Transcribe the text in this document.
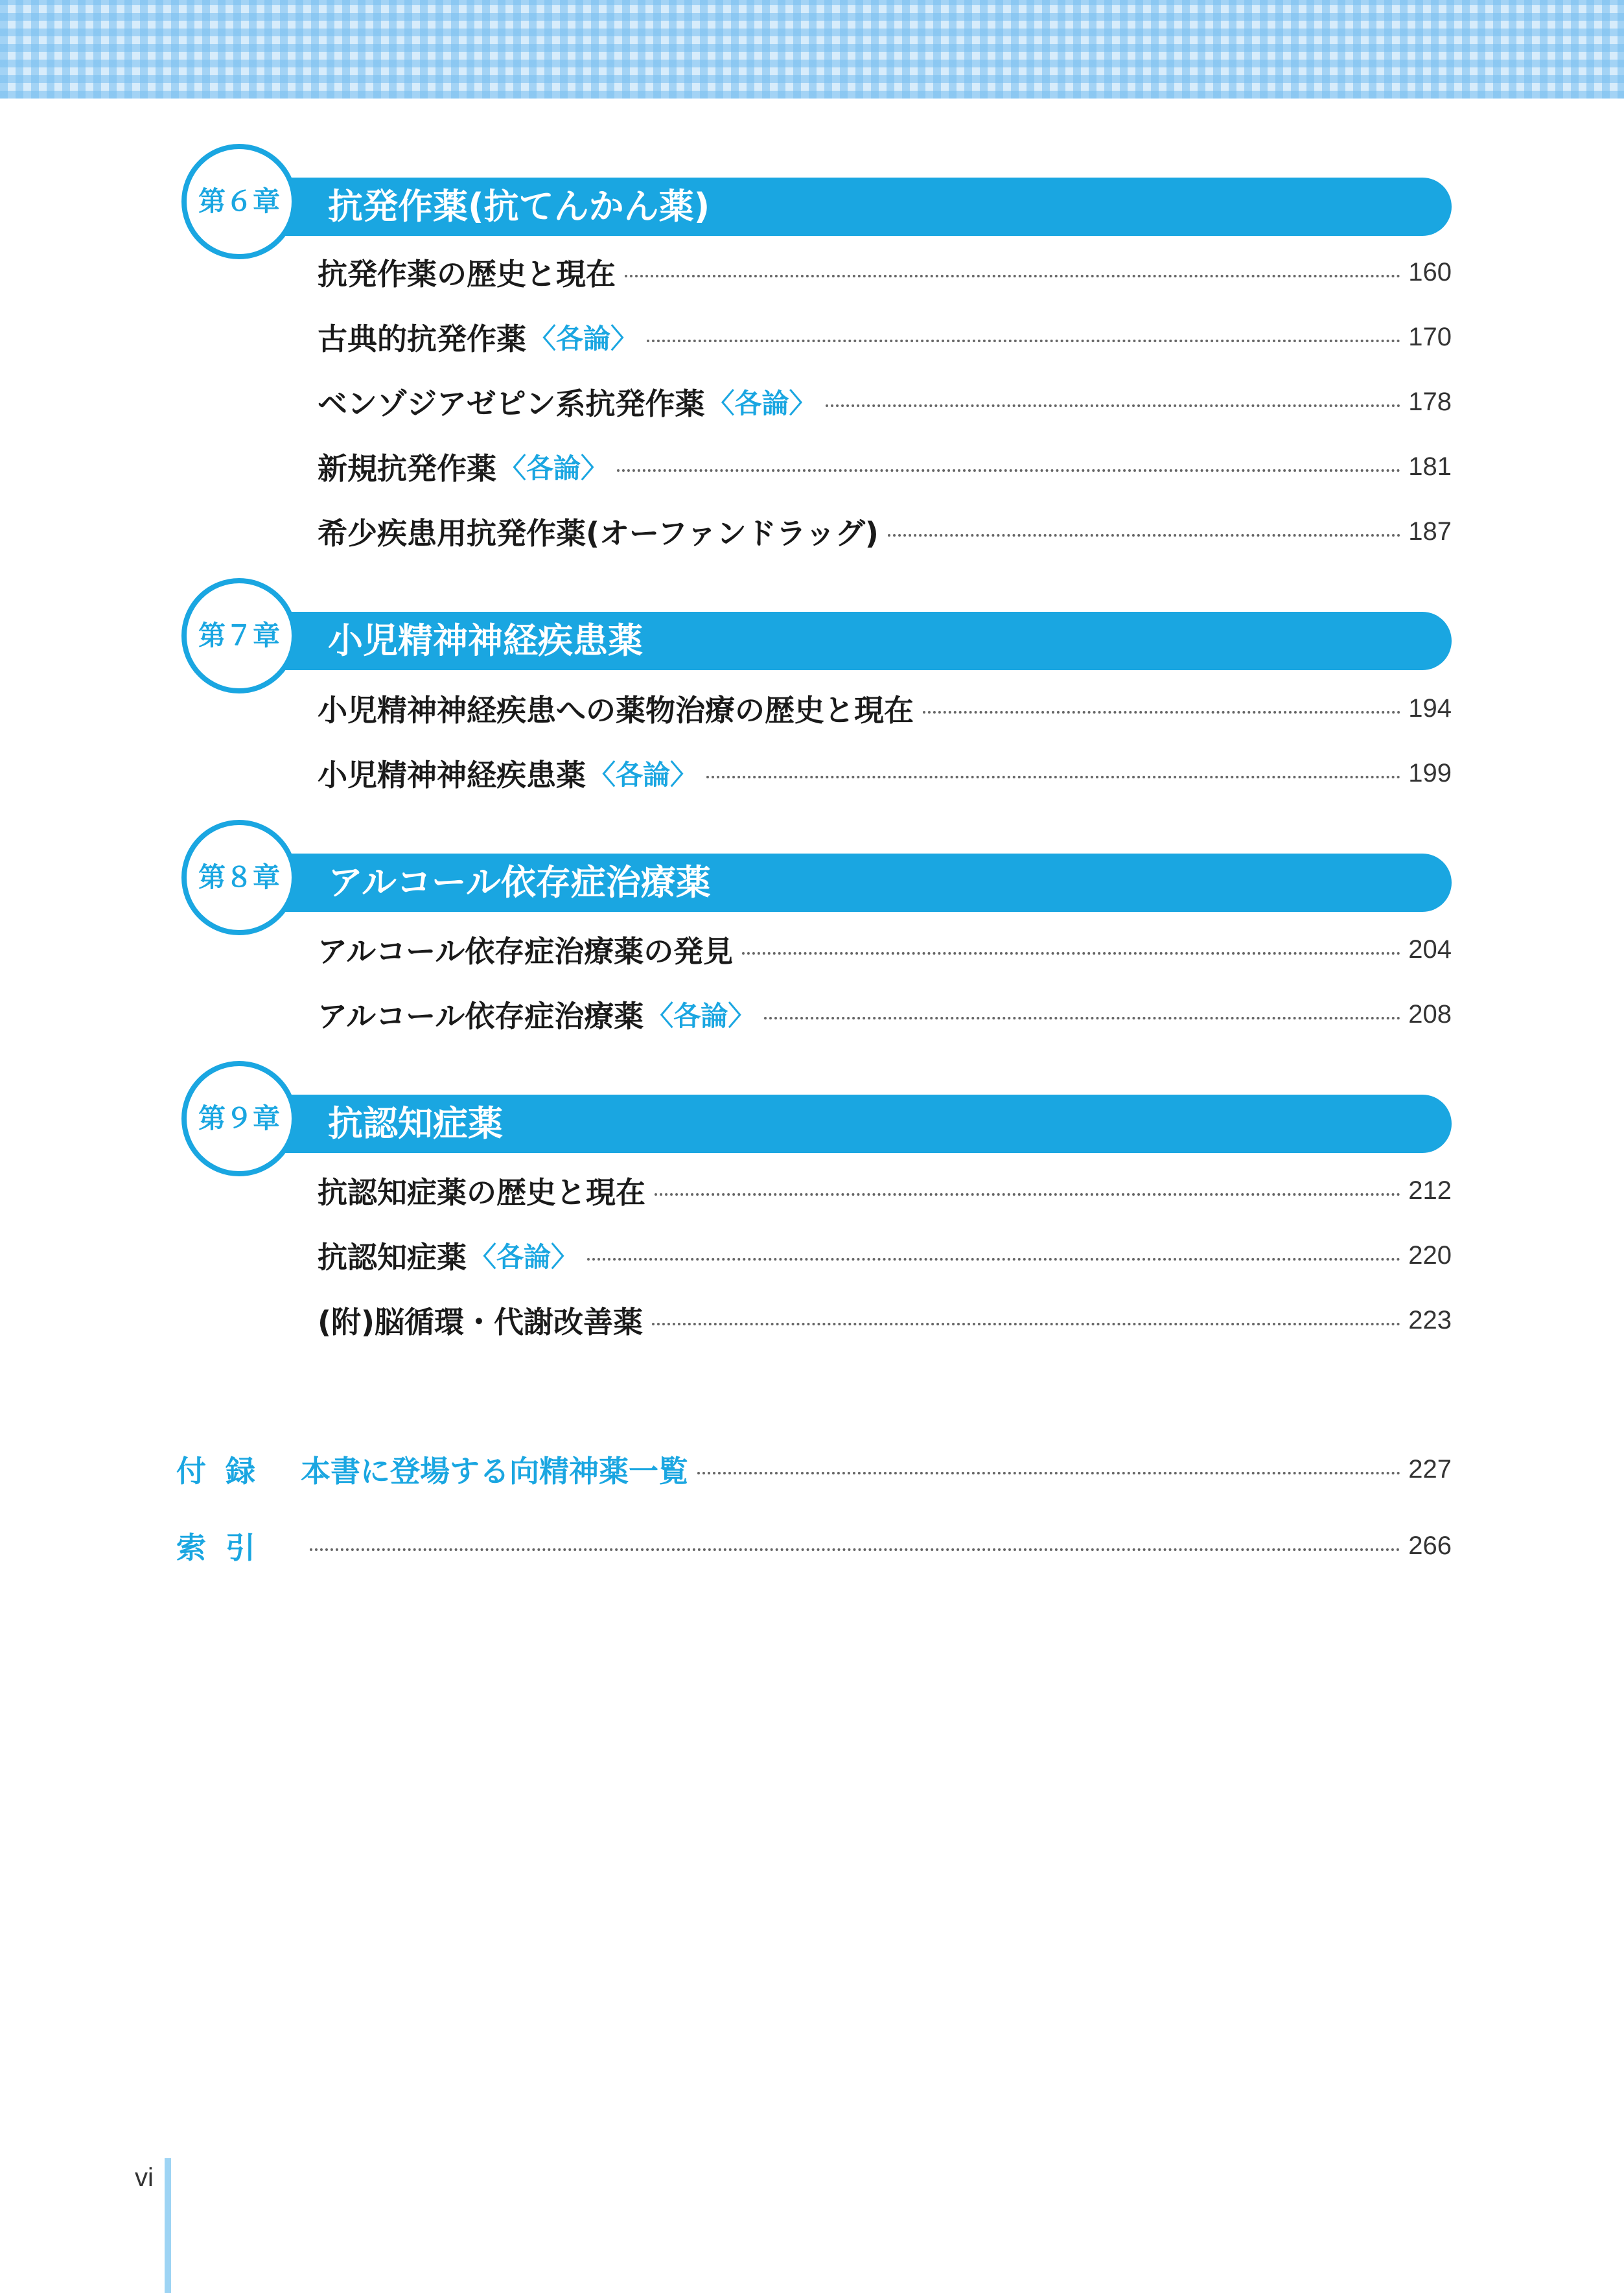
抗発作薬(抗てんかん薬)
第６章
抗発作薬の歴史と現在	160
古典的抗発作薬 〈各論〉	170
ベンゾジアゼピン系抗発作薬 〈各論〉	178
新規抗発作薬 〈各論〉	181
希少疾患用抗発作薬(オーファンドラッグ)	187
小児精神神経疾患薬
第７章
小児精神神経疾患への薬物治療の歴史と現在	194
小児精神神経疾患薬 〈各論〉	199
アルコール依存症治療薬
第８章
アルコール依存症治療薬の発見	204
アルコール依存症治療薬 〈各論〉	208
抗認知症薬
第９章
抗認知症薬の歴史と現在	212
抗認知症薬 〈各論〉	220
(附)脳循環・代謝改善薬	223
付録 本書に登場する向精神薬一覧	227
索引	266
vi
